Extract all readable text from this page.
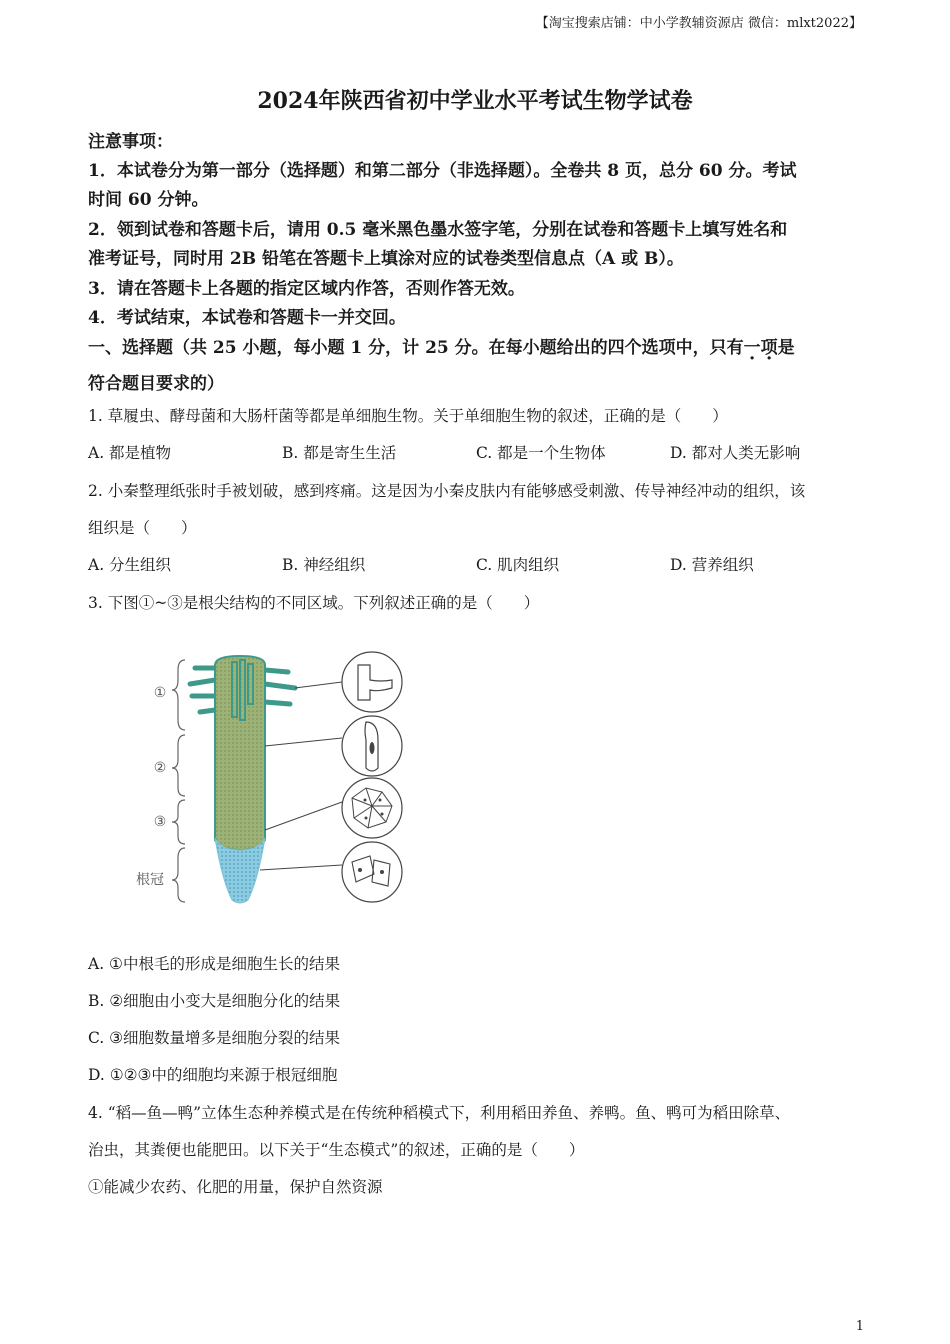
【淘宝搜索店铺：中小学教辅资源店 微信：mlxt2022】
2024年陕西省初中学业水平考试生物学试卷
注意事项：
1．本试卷分为第一部分（选择题）和第二部分（非选择题）。全卷共 8 页，总分 60 分。考试
时间 60 分钟。
2．领到试卷和答题卡后，请用 0.5 毫米黑色墨水签字笔，分别在试卷和答题卡上填写姓名和
准考证号，同时用 2B 铅笔在答题卡上填涂对应的试卷类型信息点（A 或 B）。
3．请在答题卡上各题的指定区域内作答，否则作答无效。
4．考试结束，本试卷和答题卡一并交回。
一、选择题（共 25 小题，每小题 1 分，计 25 分。在每小题给出的四个选项中，只有一项是
符合题目要求的）
1. 草履虫、酵母菌和大肠杆菌等都是单细胞生物。关于单细胞生物的叙述，正确的是（　　）
A. 都是植物	B. 都是寄生生活	C. 都是一个生物体	D. 都对人类无影响
2. 小秦整理纸张时手被划破，感到疼痛。这是因为小秦皮肤内有能够感受刺激、传导神经冲动的组织，该
组织是（　　）
A. 分生组织	B. 神经组织	C. 肌肉组织	D. 营养组织
3. 下图①~③是根尖结构的不同区域。下列叙述正确的是（　　）
①
②
③
根冠
A. ①中根毛的形成是细胞生长的结果
B. ②细胞由小变大是细胞分化的结果
C. ③细胞数量增多是细胞分裂的结果
D. ①②③中的细胞均来源于根冠细胞
4. “稻—鱼—鸭”立体生态种养模式是在传统种稻模式下，利用稻田养鱼、养鸭。鱼、鸭可为稻田除草、
治虫，其粪便也能肥田。以下关于“生态模式”的叙述，正确的是（　　）
①能减少农药、化肥的用量，保护自然资源
1
